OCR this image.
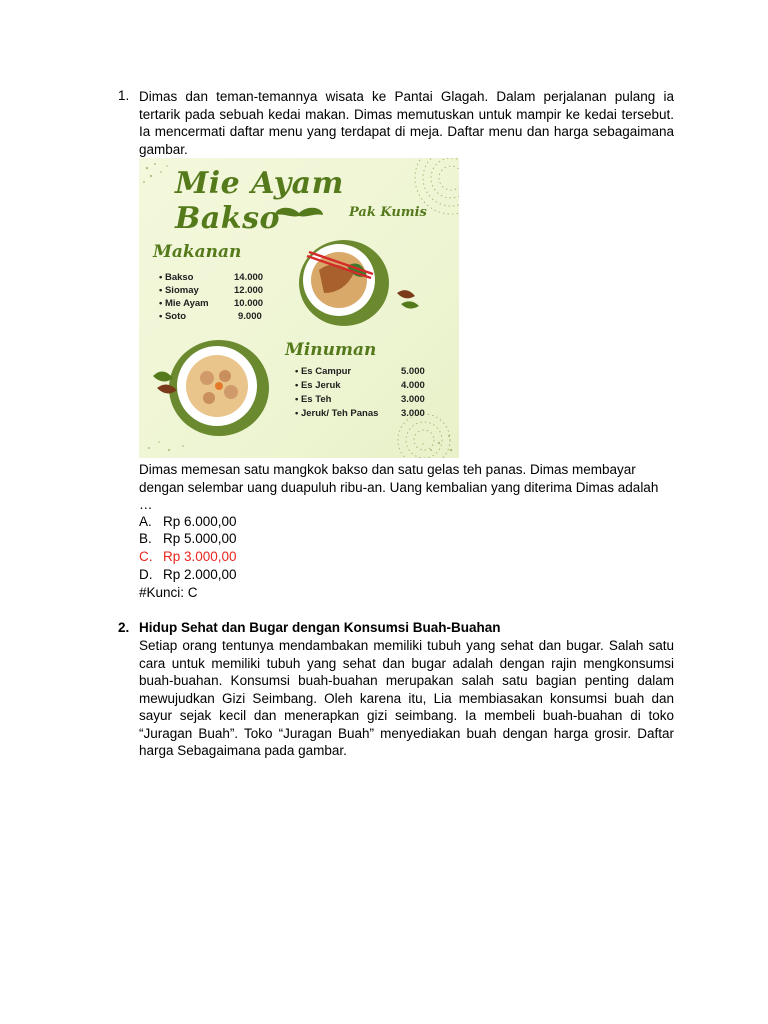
1. Dimas dan teman-temannya wisata ke Pantai Glagah. Dalam perjalanan pulang ia tertarik pada sebuah kedai makan. Dimas memutuskan untuk mampir ke kedai tersebut. Ia mencermati daftar menu yang terdapat di meja. Daftar menu dan harga sebagaimana gambar.
Mie Ayam Bakso	Pak Kumis
Makanan
• Bakso	14.000
• Siomay	12.000
• Mie Ayam	10.000
• Soto	9.000
Minuman
• Es Campur	5.000
• Es Jeruk	4.000
• Es Teh	3.000
• Jeruk/ Teh Panas 3.000
Dimas memesan satu mangkok bakso dan satu gelas teh panas. Dimas membayar dengan selembar uang duapuluh ribu-an. Uang kembalian yang diterima Dimas adalah …
A. Rp 6.000,00
B. Rp 5.000,00
C. Rp 3.000,00
D. Rp 2.000,00
#Kunci: C
2. Hidup Sehat dan Bugar dengan Konsumsi Buah-Buahan
Setiap orang tentunya mendambakan memiliki tubuh yang sehat dan bugar. Salah satu cara untuk memiliki tubuh yang sehat dan bugar adalah dengan rajin mengkonsumsi buah-buahan. Konsumsi buah-buahan merupakan salah satu bagian penting dalam mewujudkan Gizi Seimbang. Oleh karena itu, Lia membiasakan konsumsi buah dan sayur sejak kecil dan menerapkan gizi seimbang. Ia membeli buah-buahan di toko “Juragan Buah”. Toko “Juragan Buah” menyediakan buah dengan harga grosir. Daftar harga Sebagaimana pada gambar.
